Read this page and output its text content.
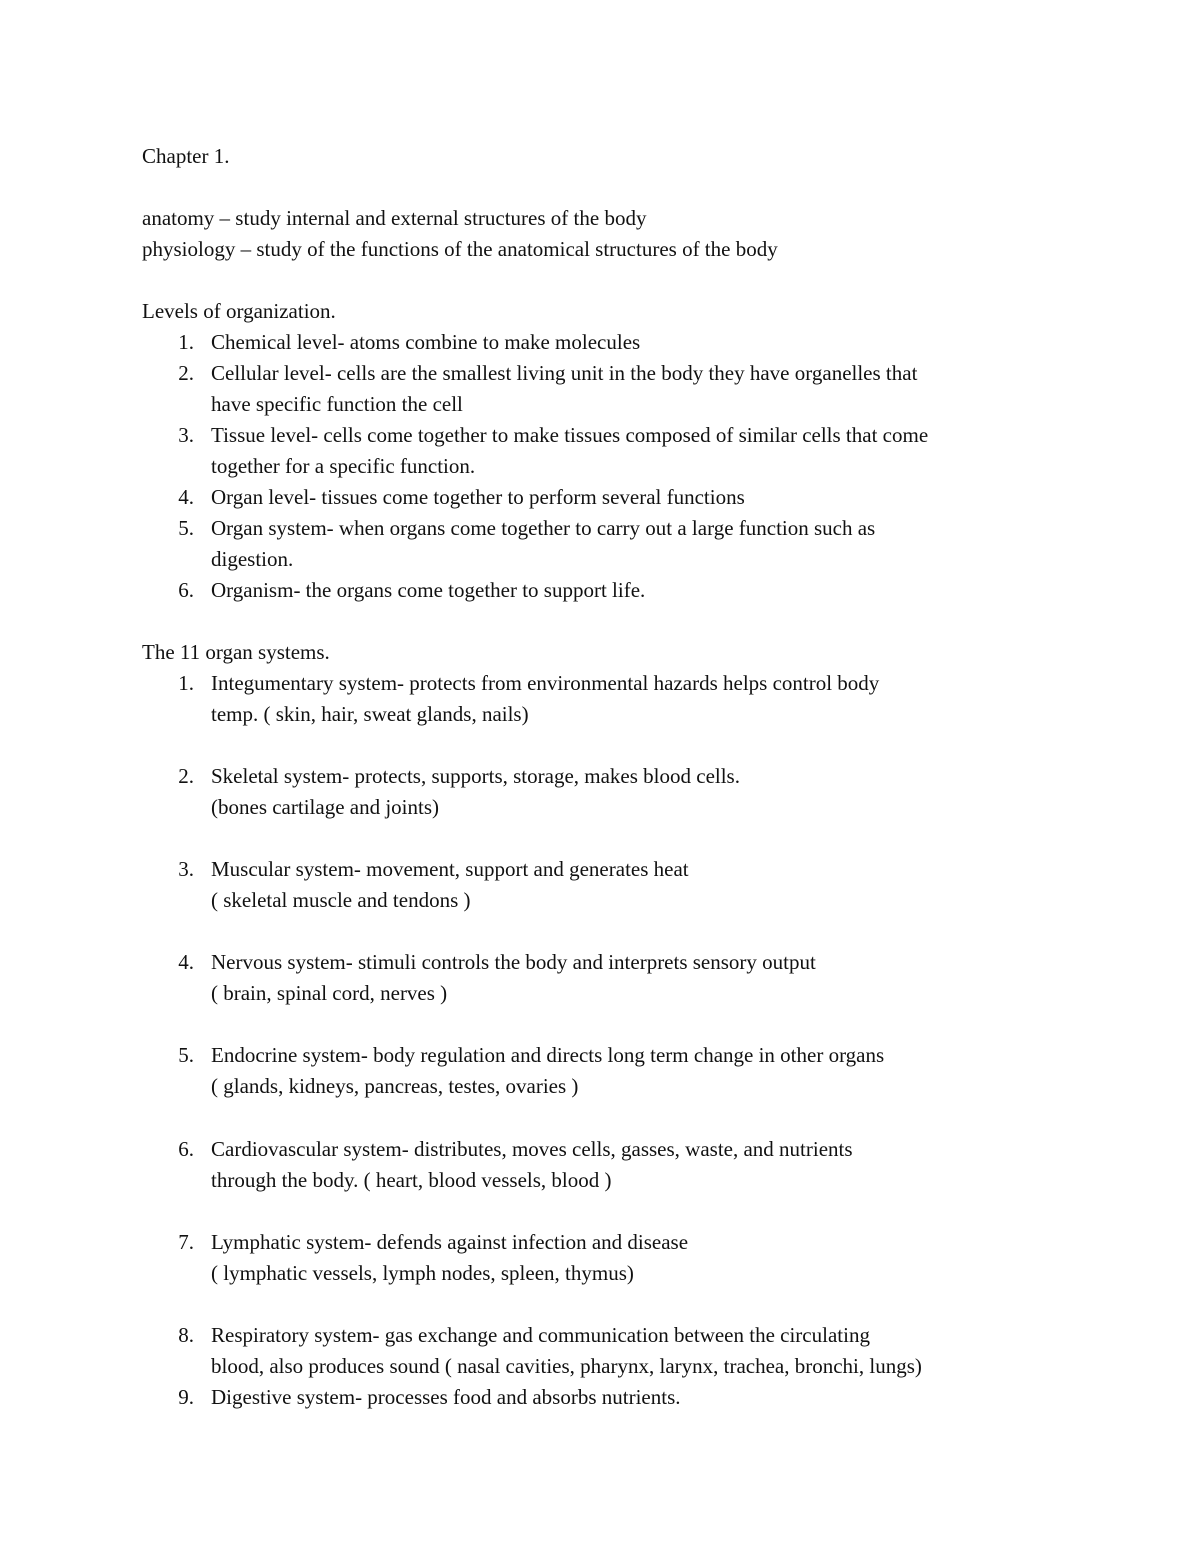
Chapter 1.
anatomy – study internal and external structures of the body
physiology – study of the functions of the anatomical structures of the body
Levels of organization.
1. Chemical level- atoms combine to make molecules
2. Cellular level- cells are the smallest living unit in the body they have organelles that
have specific function the cell
3. Tissue level- cells come together to make tissues composed of similar cells that come
together for a specific function.
4. Organ level- tissues come together to perform several functions
5. Organ system- when organs come together to carry out a large function such as
digestion.
6. Organism- the organs come together to support life.
The 11 organ systems.
1. Integumentary system- protects from environmental hazards helps control body
temp. ( skin, hair, sweat glands, nails)
2. Skeletal system- protects, supports, storage, makes blood cells.
(bones cartilage and joints)
3. Muscular system- movement, support and generates heat
( skeletal muscle and tendons )
4. Nervous system- stimuli controls the body and interprets sensory output
( brain, spinal cord, nerves )
5. Endocrine system- body regulation and directs long term change in other organs
( glands, kidneys, pancreas, testes, ovaries )
6. Cardiovascular system- distributes, moves cells, gasses, waste, and nutrients
through the body. ( heart, blood vessels, blood )
7. Lymphatic system- defends against infection and disease
( lymphatic vessels, lymph nodes, spleen, thymus)
8. Respiratory system- gas exchange and communication between the circulating
blood, also produces sound ( nasal cavities, pharynx, larynx, trachea, bronchi, lungs)
9. Digestive system- processes food and absorbs nutrients.
